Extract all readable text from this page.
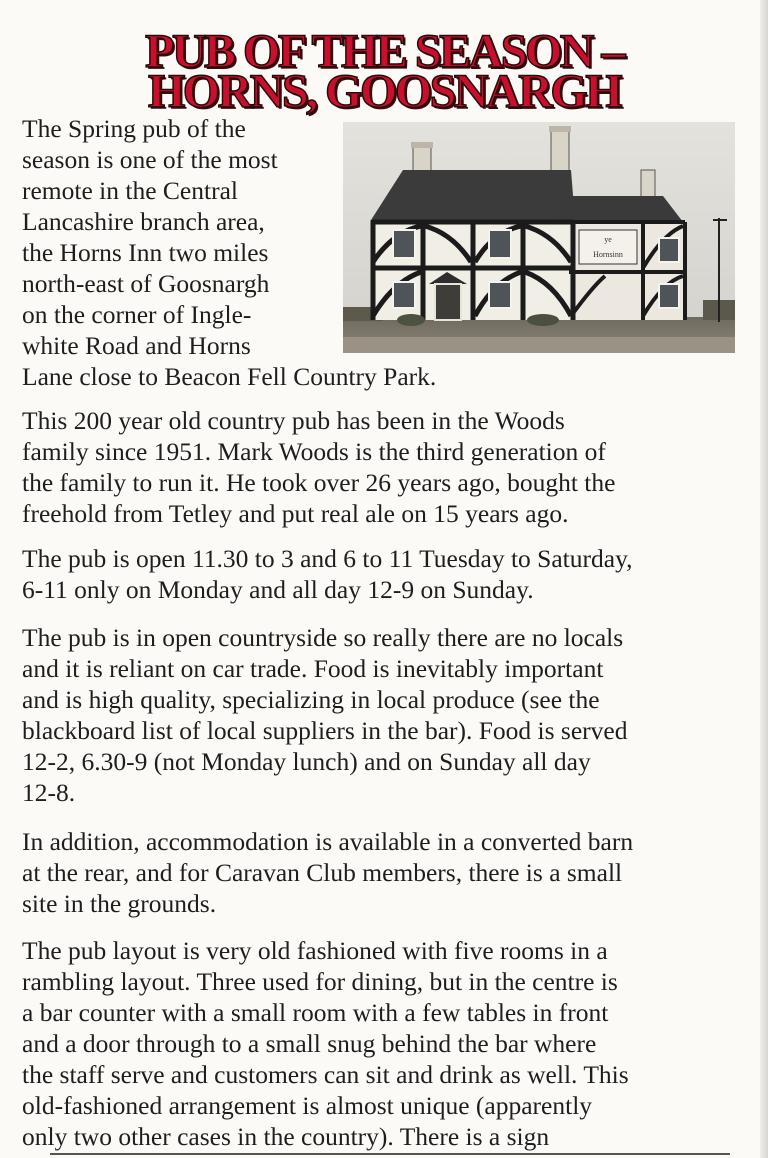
PUB OF THE SEASON –
HORNS, GOOSNARGH
ye
Hornsinn

The Spring pub of the

season is one of the most

remote in the Central

Lancashire branch area,

the Horns Inn two miles

north-east of Goosnargh

on the corner of Ingle-

white Road and Horns

Lane close to Beacon Fell Country Park.

This 200 year old country pub has been in the Woods

family since 1951. Mark Woods is the third generation of

the family to run it. He took over 26 years ago, bought the

freehold from Tetley and put real ale on 15 years ago.

The pub is open 11.30 to 3 and 6 to 11 Tuesday to Saturday,

6-11 only on Monday and all day 12-9 on Sunday.

The pub is in open countryside so really there are no locals

and it is reliant on car trade. Food is inevitably important

and is high quality, specializing in local produce (see the

blackboard list of local suppliers in the bar). Food is served

12-2, 6.30-9 (not Monday lunch) and on Sunday all day

12-8.

In addition, accommodation is available in a converted barn

at the rear, and for Caravan Club members, there is a small

site in the grounds.

The pub layout is very old fashioned with five rooms in a

rambling layout. Three used for dining, but in the centre is

a bar counter with a small room with a few tables in front

and a door through to a small snug behind the bar where

the staff serve and customers can sit and drink as well. This

old-fashioned arrangement is almost unique (apparently

only two other cases in the country). There is a sign
